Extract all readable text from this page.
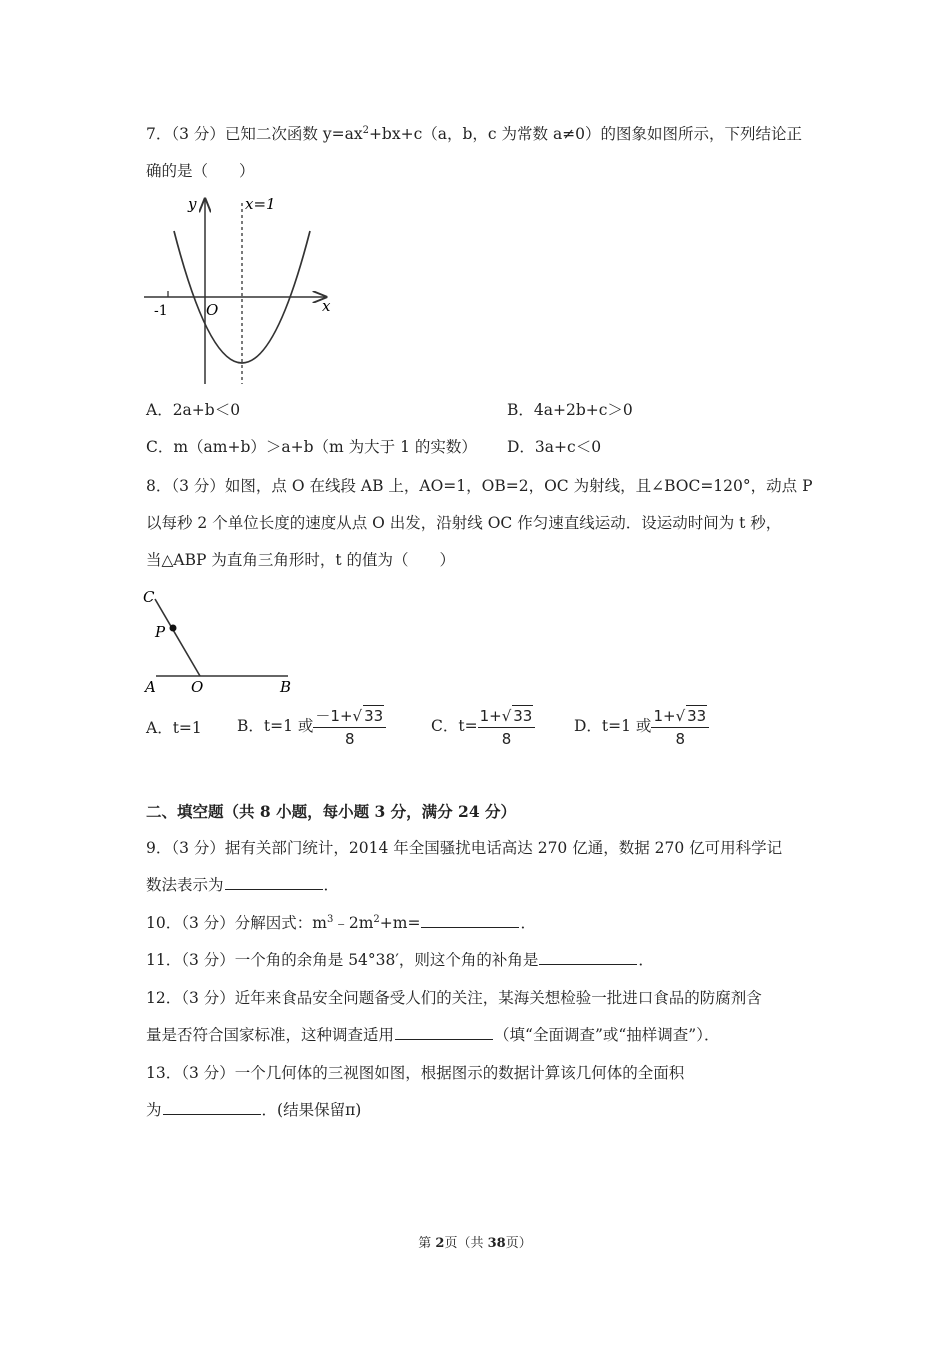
7．（3 分）已知二次函数 $y=ax^2+bx+c(a$，b，c 为常数 a≠0）的图象如图所示，下列结论正
确的是（　　）
y
x
O
-1
x=1
A．2a+b＜0	B．4a+2b+c＞0
C．m（am+b）＞a+b（m 为大于 1 的实数） D．3a+c＜0
8．（3 分）如图，点 O 在线段 AB 上，AO=1，OB=2，OC 为射线，且∠BOC=120°，动点 P
以每秒 2 个单位长度的速度从点 O 出发，沿射线 OC 作匀速直线运动．设运动时间为 t 秒，
当△ABP 为直角三角形时，t 的值为（　　）
C
P
A O	B
A．t=1 B．t=1 或 $\frac{-1+√ 33}{8}$	C．$t= \frac{1+√ 33}{8}$ D．t=1 或 $\frac{1+√ 33}{8}$
二、填空题（共 8 小题，每小题 3 分，满分 24 分）
9．（3 分）据有关部门统计，2014 年全国骚扰电话高达 270 亿通，数据 270 亿可用科学记
数法表示为	．
10．（3 分）分解因式：$m^3﹣2m^2+m=$	．
11．（3 分）一个角的余角是 54°38′，则这个角的补角是	．
12．（3 分）近年来食品安全问题备受人们的关注，某海关想检验一批进口食品的防腐剂含
量是否符合国家标准，这种调查适用	（填“全面调查”或“抽样调查”）．
13．（3 分）一个几何体的三视图如图，根据图示的数据计算该几何体的全面积
为	．(结果保留π)
第 2页（共 38页）
